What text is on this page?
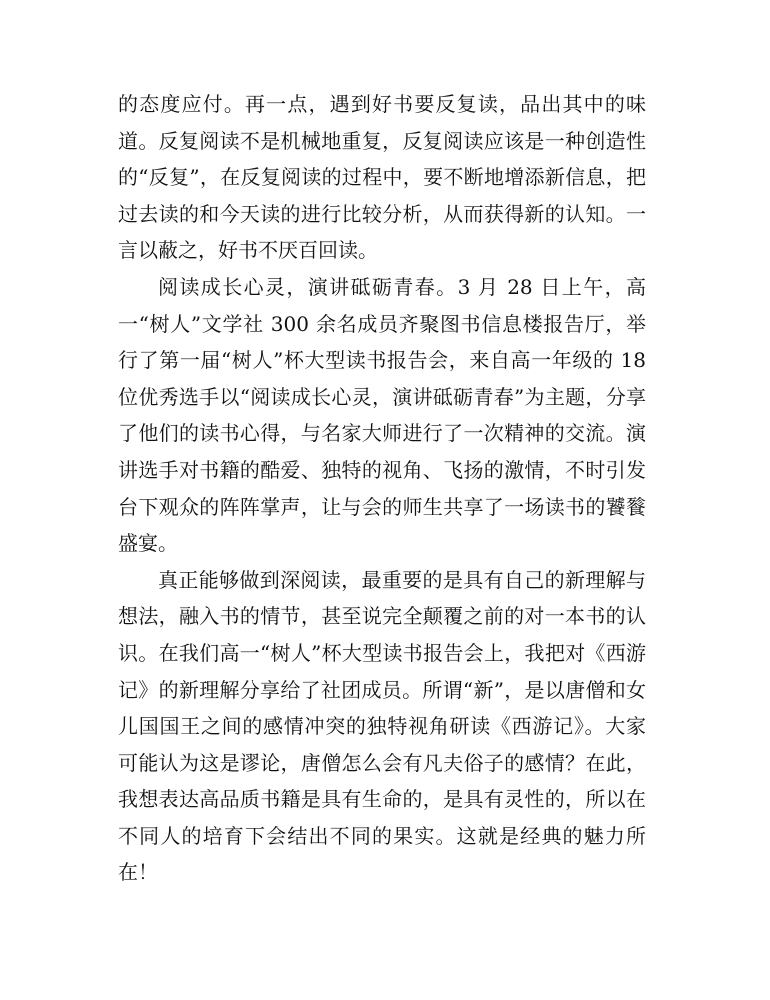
的态度应付。再一点，遇到好书要反复读，品出其中的味道。反复阅读不是机械地重复，反复阅读应该是一种创造性的“反复”，在反复阅读的过程中，要不断地增添新信息，把过去读的和今天读的进行比较分析，从而获得新的认知。一言以蔽之，好书不厌百回读。

阅读成长心灵，演讲砥砺青春。3 月 28 日上午，高一“树人”文学社 300 余名成员齐聚图书信息楼报告厅，举行了第一届“树人”杯大型读书报告会，来自高一年级的 18 位优秀选手以“阅读成长心灵，演讲砥砺青春”为主题，分享了他们的读书心得，与名家大师进行了一次精神的交流。演讲选手对书籍的酷爱、独特的视角、飞扬的激情，不时引发台下观众的阵阵掌声，让与会的师生共享了一场读书的饕餮盛宴。

真正能够做到深阅读，最重要的是具有自己的新理解与想法，融入书的情节，甚至说完全颠覆之前的对一本书的认识。在我们高一“树人”杯大型读书报告会上，我把对《西游记》的新理解分享给了社团成员。所谓“新”，是以唐僧和女儿国国王之间的感情冲突的独特视角研读《西游记》。大家可能认为这是谬论，唐僧怎么会有凡夫俗子的感情？在此，我想表达高品质书籍是具有生命的，是具有灵性的，所以在不同人的培育下会结出不同的果实。这就是经典的魅力所在！
